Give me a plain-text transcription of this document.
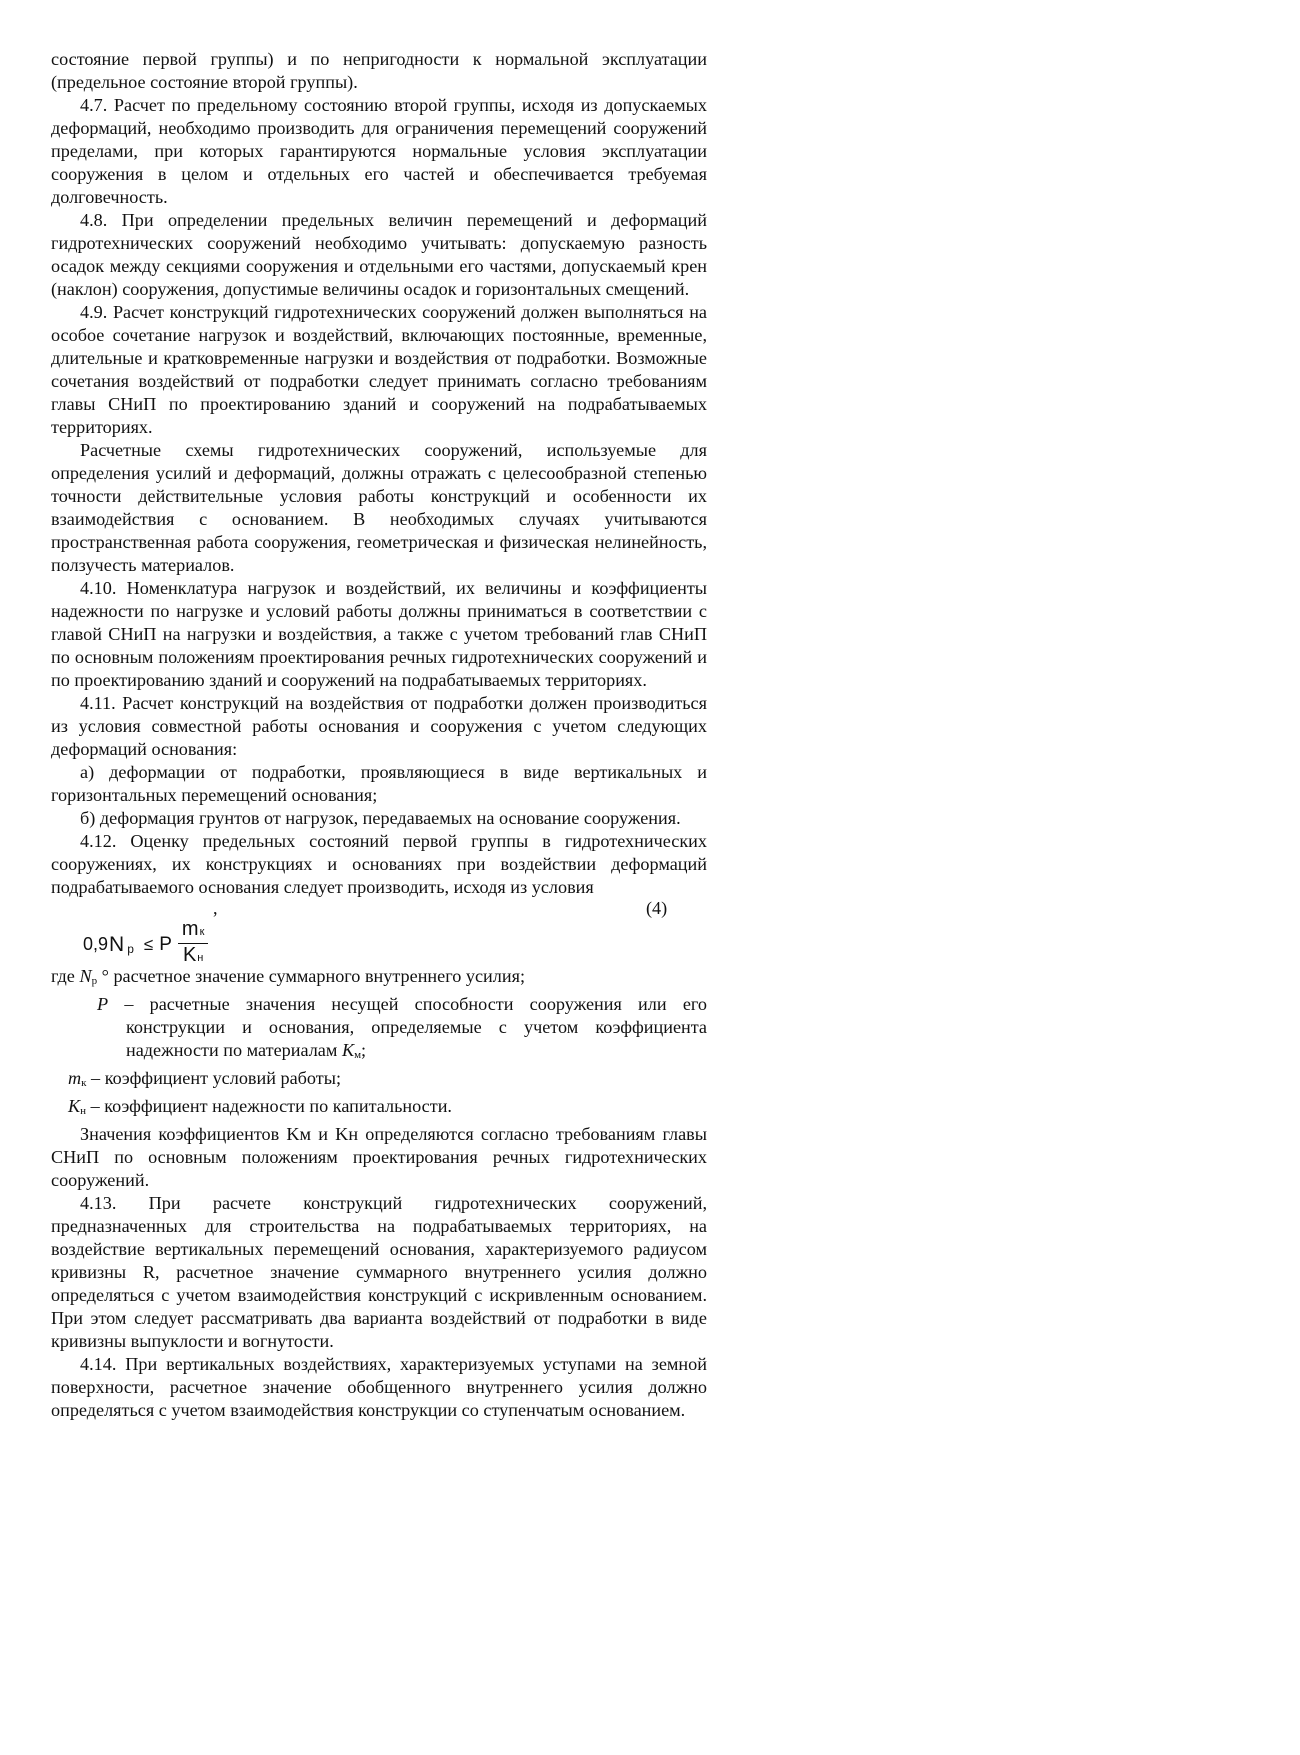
состояние первой группы) и по непригодности к нормальной эксплуатации (предельное состояние второй группы).

4.7. Расчет по предельному состоянию второй группы, исходя из допускаемых деформаций, необходимо производить для ограничения перемещений сооружений пределами, при которых гарантируются нормальные условия эксплуатации сооружения в целом и отдельных его частей и обеспечивается требуемая долговечность.

4.8. При определении предельных величин перемещений и деформаций гидротехнических сооружений необходимо учитывать: допускаемую разность осадок между секциями сооружения и отдельными его частями, допускаемый крен (наклон) сооружения, допустимые величины осадок и горизонтальных смещений.

4.9. Расчет конструкций гидротехнических сооружений должен выполняться на особое сочетание нагрузок и воздействий, включающих постоянные, временные, длительные и кратковременные нагрузки и воздействия от подработки. Возможные сочетания воздействий от подработки следует принимать согласно требованиям главы СНиП по проектированию зданий и сооружений на подрабатываемых территориях.

Расчетные схемы гидротехнических сооружений, используемые для определения усилий и деформаций, должны отражать с целесообразной степенью точности действительные условия работы конструкций и особенности их взаимодействия с основанием. В необходимых случаях учитываются пространственная работа сооружения, геометрическая и физическая нелинейность, ползучесть материалов.

4.10. Номенклатура нагрузок и воздействий, их величины и коэффициенты надежности по нагрузке и условий работы должны приниматься в соответствии с главой СНиП на нагрузки и воздействия, а также с учетом требований глав СНиП по основным положениям проектирования речных гидротехнических сооружений и по проектированию зданий и сооружений на подрабатываемых территориях.

4.11. Расчет конструкций на воздействия от подработки должен производиться из условия совместной работы основания и сооружения с учетом следующих деформаций основания:

а) деформации от подработки, проявляющиеся в виде вертикальных и горизонтальных перемещений основания;

б) деформация грунтов от нагрузок, передаваемых на основание сооружения.

4.12. Оценку предельных состояний первой группы в гидротехнических сооружениях, их конструкциях и основаниях при воздействии деформаций подрабатываемого основания следует производить, исходя из условия

,	(4)
0,9 N р ≤ P $\frac{mк}{Kн}$

где Nр ° расчетное значение суммарного внутреннего усилия;

P – расчетные значения несущей способности сооружения или его конструкции и основания, определяемые с учетом коэффициента надежности по материалам Kм;

mк – коэффициент условий работы;

Kн – коэффициент надежности по капитальности.

Значения коэффициентов Kм и Kн определяются согласно требованиям главы СНиП по основным положениям проектирования речных гидротехнических сооружений.

4.13. При расчете конструкций гидротехнических сооружений, предназначенных для строительства на подрабатываемых территориях, на воздействие вертикальных перемещений основания, характеризуемого радиусом кривизны R, расчетное значение суммарного внутреннего усилия должно определяться с учетом взаимодействия конструкций с искривленным основанием. При этом следует рассматривать два варианта воздействий от подработки в виде кривизны выпуклости и вогнутости.

4.14. При вертикальных воздействиях, характеризуемых уступами на земной поверхности, расчетное значение обобщенного внутреннего усилия должно определяться с учетом взаимодействия конструкции со ступенчатым основанием.
